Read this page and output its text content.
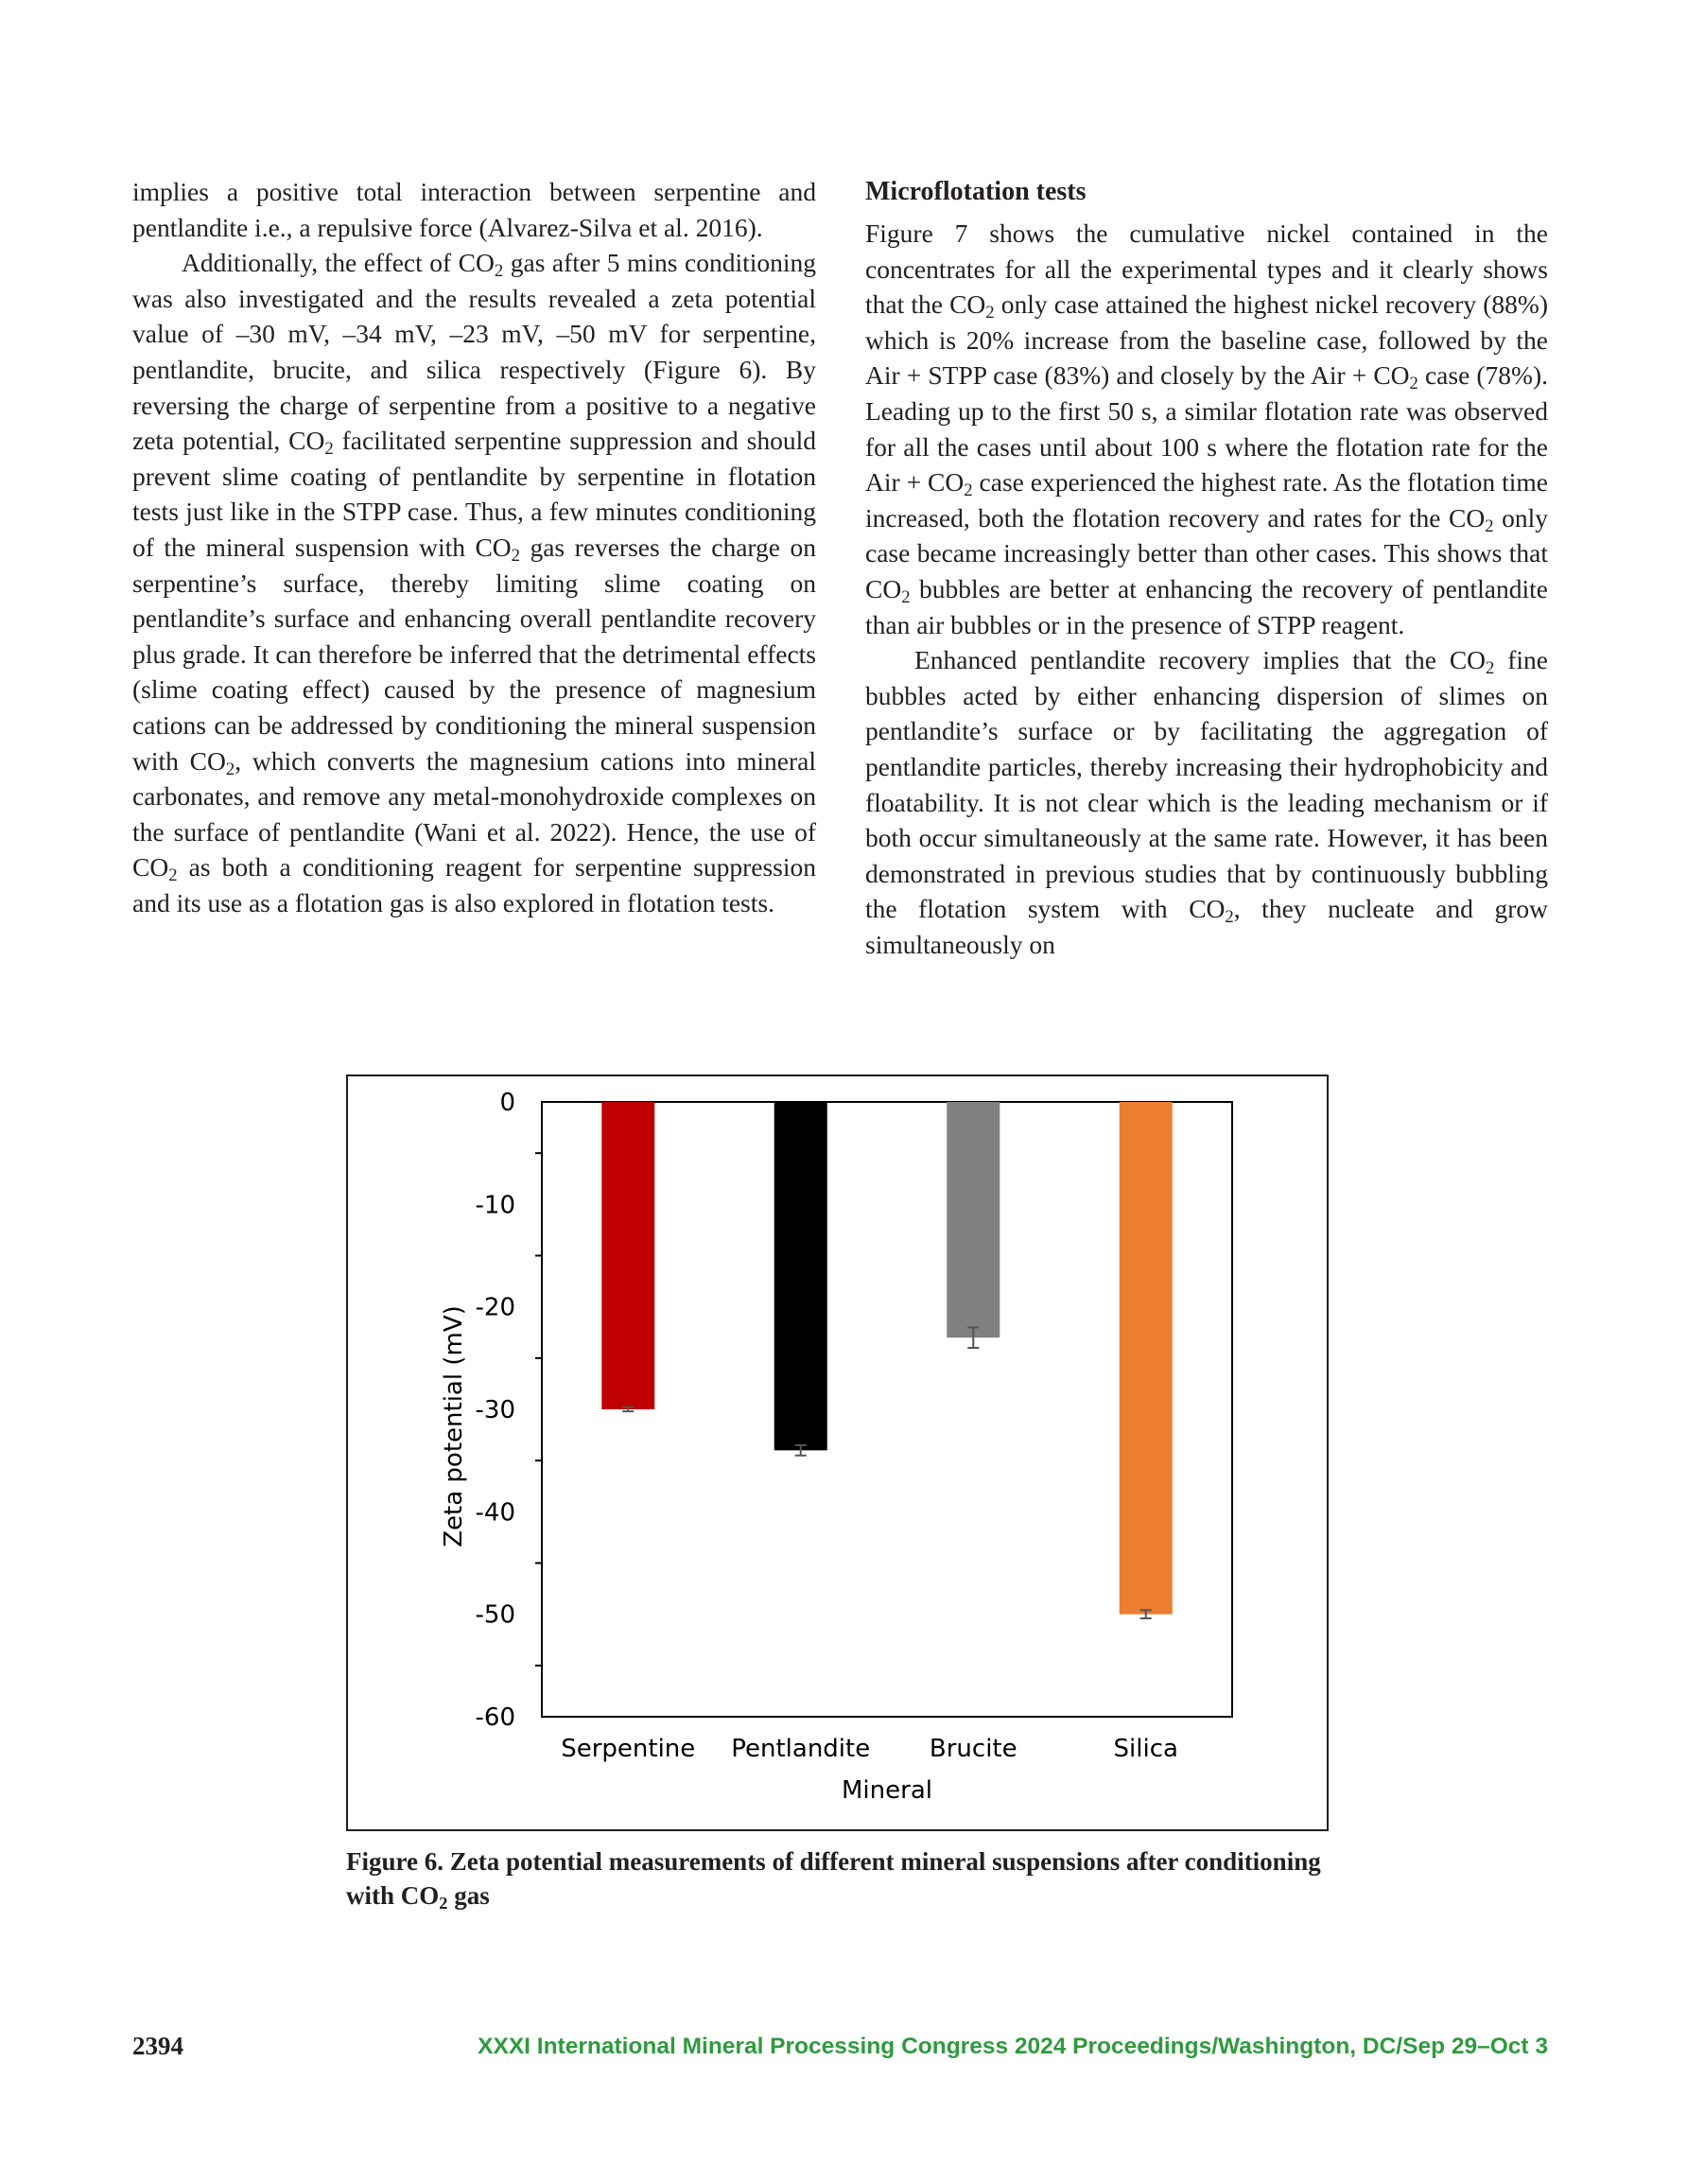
implies a positive total interaction between serpentine and pentlandite i.e., a repulsive force (Alvarez-Silva et al. 2016).

Additionally, the effect of $CO_2$ gas after 5 mins conditioning was also investigated and the results revealed a zeta potential value of –30 mV, –34 mV, –23 mV, –50 mV for serpentine, pentlandite, brucite, and silica respectively (Figure 6). By reversing the charge of serpentine from a positive to a negative zeta potential, $CO_2$ facilitated serpentine suppression and should prevent slime coating of pentlandite by serpentine in flotation tests just like in the STPP case. Thus, a few minutes conditioning of the mineral suspension with $CO_2$ gas reverses the charge on serpentine’s surface, thereby limiting slime coating on pentlandite’s surface and enhancing overall pentlandite recovery plus grade. It can therefore be inferred that the detrimental effects (slime coating effect) caused by the presence of magnesium cations can be addressed by conditioning the mineral suspension with $CO_2$, which converts the magnesium cations into mineral carbonates, and remove any metal-monohydroxide complexes on the surface of pentlandite (Wani et al. 2022). Hence, the use of $CO_2$ as both a conditioning reagent for serpentine suppression and its use as a flotation gas is also explored in flotation tests.

Microflotation tests

Figure 7 shows the cumulative nickel contained in the concentrates for all the experimental types and it clearly shows that the $CO_2$ only case attained the highest nickel recovery (88%) which is 20% increase from the baseline case, followed by the Air + STPP case (83%) and closely by the Air + $CO_2$ case (78%). Leading up to the first 50 s, a similar flotation rate was observed for all the cases until about 100 s where the flotation rate for the Air + $CO_2$ case experienced the highest rate. As the flotation time increased, both the flotation recovery and rates for the $CO_2$ only case became increasingly better than other cases. This shows that $CO_2$ bubbles are better at enhancing the recovery of pentlandite than air bubbles or in the presence of STPP reagent.

Enhanced pentlandite recovery implies that the $CO_2$ fine bubbles acted by either enhancing dispersion of slimes on pentlandite’s surface or by facilitating the aggregation of pentlandite particles, thereby increasing their hydrophobicity and floatability. It is not clear which is the leading mechanism or if both occur simultaneously at the same rate. However, it has been demonstrated in previous studies that by continuously bubbling the flotation system with $CO_2$, they nucleate and grow simultaneously on

Serpentine Pentlandite Brucite	Silica
0
-10
-20
-30
-40
-50
-60
Mineral
Zeta potential (mV)
Figure 6. Zeta potential measurements of different mineral suspensions after conditioning with $CO_2$ gas
2394	XXXI International Mineral Processing Congress 2024 Proceedings/Washington, DC/Sep 29–Oct 3
